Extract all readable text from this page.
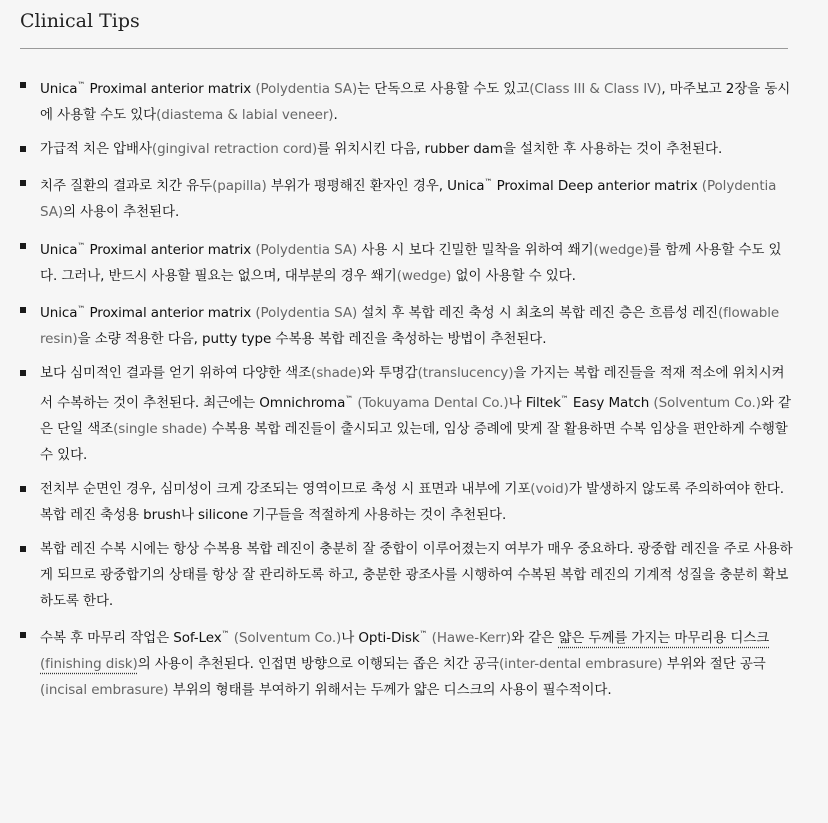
Clinical Tips
Unica™ Proximal anterior matrix (Polydentia SA)는 단독으로 사용할 수도 있고(Class III & Class IV), 마주보고 2장을 동시에 사용할 수도 있다(diastema & labial veneer).
가급적 치은 압배사(gingival retraction cord)를 위치시킨 다음, rubber dam을 설치한 후 사용하는 것이 추천된다.
치주 질환의 결과로 치간 유두(papilla) 부위가 평평해진 환자인 경우, Unica™ Proximal Deep anterior matrix (Polydentia SA)의 사용이 추천된다.
Unica™ Proximal anterior matrix (Polydentia SA) 사용 시 보다 긴밀한 밀착을 위하여 쐐기(wedge)를 함께 사용할 수도 있다. 그러나, 반드시 사용할 필요는 없으며, 대부분의 경우 쐐기(wedge) 없이 사용할 수 있다.
Unica™ Proximal anterior matrix (Polydentia SA) 설치 후 복합 레진 축성 시 최초의 복합 레진 층은 흐름성 레진(flowable resin)을 소량 적용한 다음, putty type 수복용 복합 레진을 축성하는 방법이 추천된다.
보다 심미적인 결과를 얻기 위하여 다양한 색조(shade)와 투명감(translucency)을 가지는 복합 레진들을 적재 적소에 위치시켜서 수복하는 것이 추천된다. 최근에는 Omnichroma™ (Tokuyama Dental Co.)나 Filtek™ Easy Match (Solventum Co.)와 같은 단일 색조(single shade) 수복용 복합 레진들이 출시되고 있는데, 임상 증례에 맞게 잘 활용하면 수복 임상을 편안하게 수행할 수 있다.
전치부 순면인 경우, 심미성이 크게 강조되는 영역이므로 축성 시 표면과 내부에 기포(void)가 발생하지 않도록 주의하여야 한다. 복합 레진 축성용 brush나 silicone 기구들을 적절하게 사용하는 것이 추천된다.
복합 레진 수복 시에는 항상 수복용 복합 레진이 충분히 잘 중합이 이루어졌는지 여부가 매우 중요하다. 광중합 레진을 주로 사용하게 되므로 광중합기의 상태를 항상 잘 관리하도록 하고, 충분한 광조사를 시행하여 수복된 복합 레진의 기계적 성질을 충분히 확보하도록 한다.
수복 후 마무리 작업은 Sof-Lex™ (Solventum Co.)나 Opti-Disk™ (Hawe-Kerr)와 같은 얇은 두께를 가지는 마무리용 디스크(finishing disk)의 사용이 추천된다. 인접면 방향으로 이행되는 좁은 치간 공극(inter-dental embrasure) 부위와 절단 공극(incisal embrasure) 부위의 형태를 부여하기 위해서는 두께가 얇은 디스크의 사용이 필수적이다.
